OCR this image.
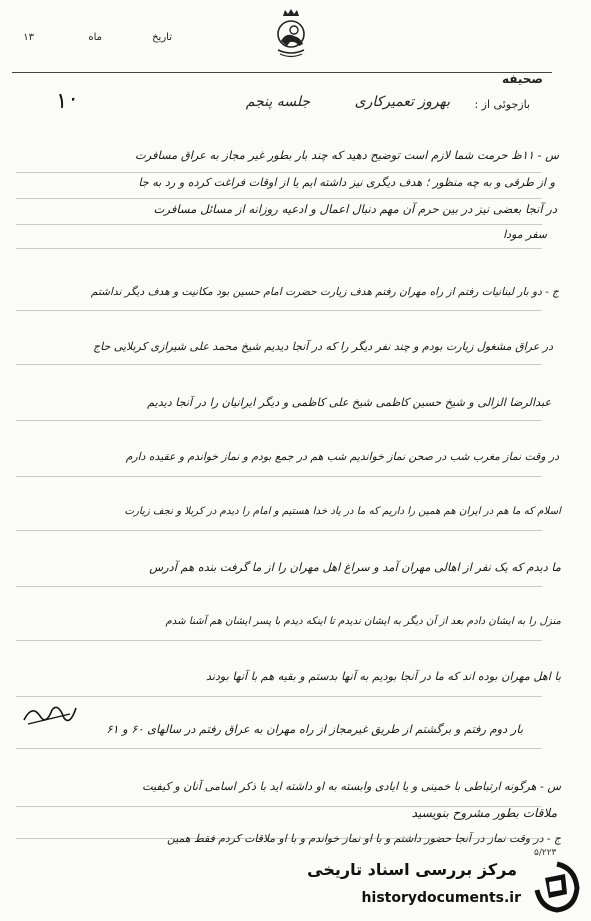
تاریخ
ماه
۱۳
صحیفه
بازجوئی از :
بهروز تعمیرکاری
جلسه پنجم
۱۰
س - ۱۱ظ حرمت شما لازم است توضیح دهید که چند بار بطور غیر مجاز به عراق مسافرت
و از طرقی و به چه منظور ؛ هدف دیگری نیز داشته ایم یا از اوقات فراغت کرده و رد به جا
در آنجا بعضی نیز در بین حرم آن مهم دنبال اعمال و ادعیه روزانه از مسائل مسافرت
سفر مودا
ج - دو بار لبنانیات رفتم از راه مهران رفتم هدف زیارت حضرت امام حسین بود مکانیت و هدف دیگر نداشتم
در عراق مشغول زیارت بودم و چند نفر دیگر را که در آنجا دیدیم شیخ محمد علی شیرازی کربلایی حاج
عبدالرضا الزالی و شیخ حسین کاظمی شیخ علی کاظمی و دیگر ایرانیان را در آنجا دیدیم
در وقت نماز مغرب شب در صحن نماز خواندیم شب هم در جمع بودم و نماز خواندم و عقیده دارم
اسلام که ما هم در ایران هم همین را داریم که ما در یاد خدا هستیم و امام را دیدم در کربلا و نجف زیارت
ما دیدم که یک نفر از اهالی مهران آمد و سراغ اهل مهران را از ما گرفت بنده هم آدرس
منزل را به ایشان دادم بعد از آن دیگر به ایشان ندیدم تا اینکه دیدم با پسر ایشان هم آشنا شدم
با اهل مهران بوده اند که ما در آنجا بودیم به آنها بدستم و بقیه هم با آنها بودند
بار دوم رفتم و برگشتم از طریق غیرمجاز از راه مهران به عراق رفتم در سالهای ۶۰ و ۶۱
س - هرگونه ارتباطی با خمینی و یا ایادی وابسته به او داشته اید با ذکر اسامی آنان و کیفیت
ملاقات بطور مشروح بنویسید
ج - در وقت نماز در آنجا حضور داشتم و با او نماز خواندم و با او ملاقات کردم فقط همین
۵/۲۲۳
مرکز بررسی اسناد تاریخی
historydocuments.ir
